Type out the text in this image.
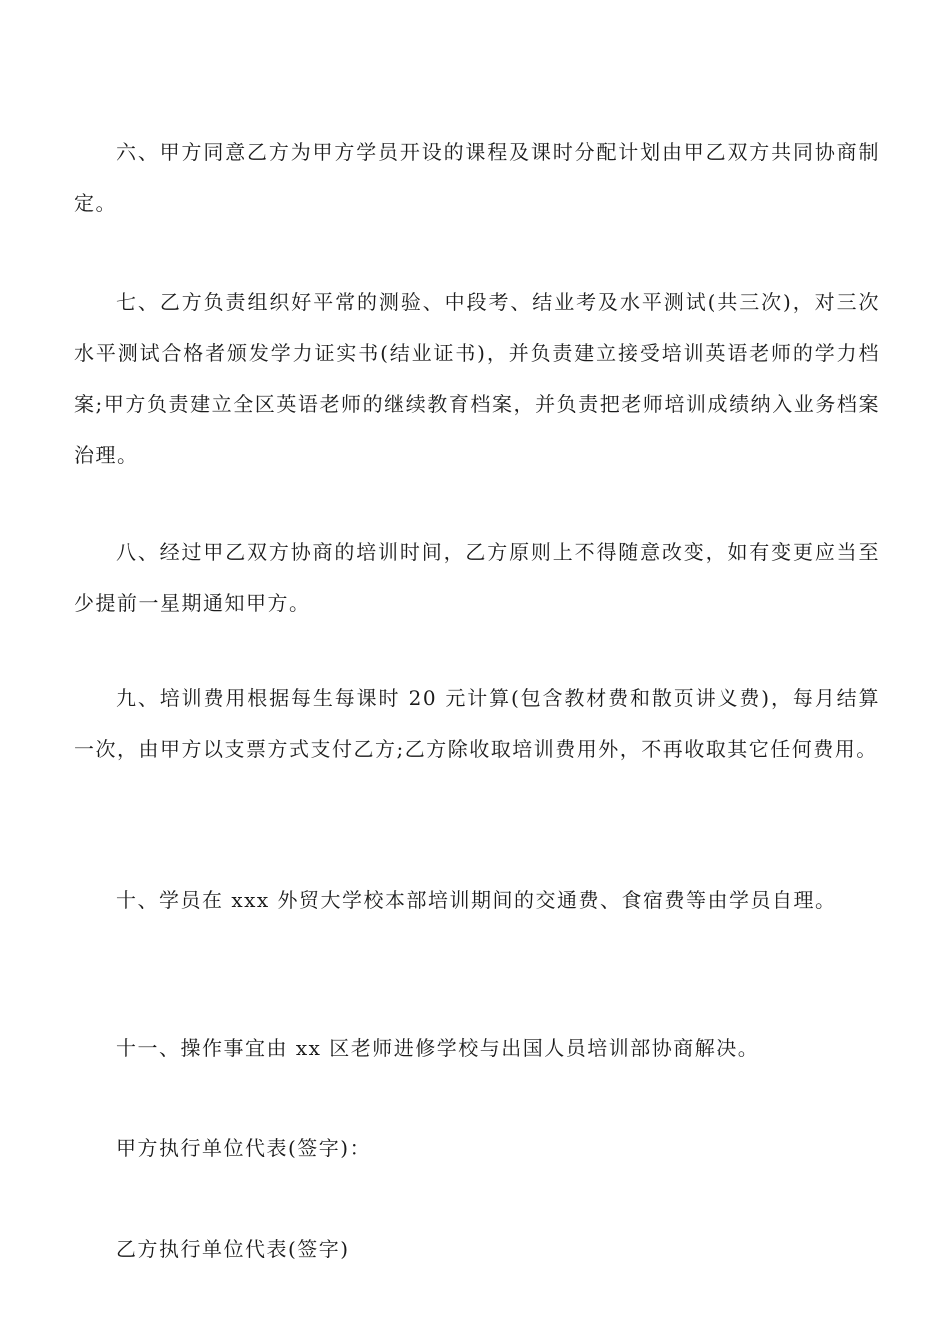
六、甲方同意乙方为甲方学员开设的课程及课时分配计划由甲乙双方共同协商制定。

七、乙方负责组织好平常的测验、中段考、结业考及水平测试(共三次)，对三次水平测试合格者颁发学力证实书(结业证书)，并负责建立接受培训英语老师的学力档案;甲方负责建立全区英语老师的继续教育档案，并负责把老师培训成绩纳入业务档案治理。

八、经过甲乙双方协商的培训时间，乙方原则上不得随意改变，如有变更应当至少提前一星期通知甲方。

九、培训费用根据每生每课时 20 元计算(包含教材费和散页讲义费)，每月结算一次，由甲方以支票方式支付乙方;乙方除收取培训费用外，不再收取其它任何费用。

十、学员在 xxx 外贸大学校本部培训期间的交通费、食宿费等由学员自理。

十一、操作事宜由 xx 区老师进修学校与出国人员培训部协商解决。

甲方执行单位代表(签字)：

乙方执行单位代表(签字)
